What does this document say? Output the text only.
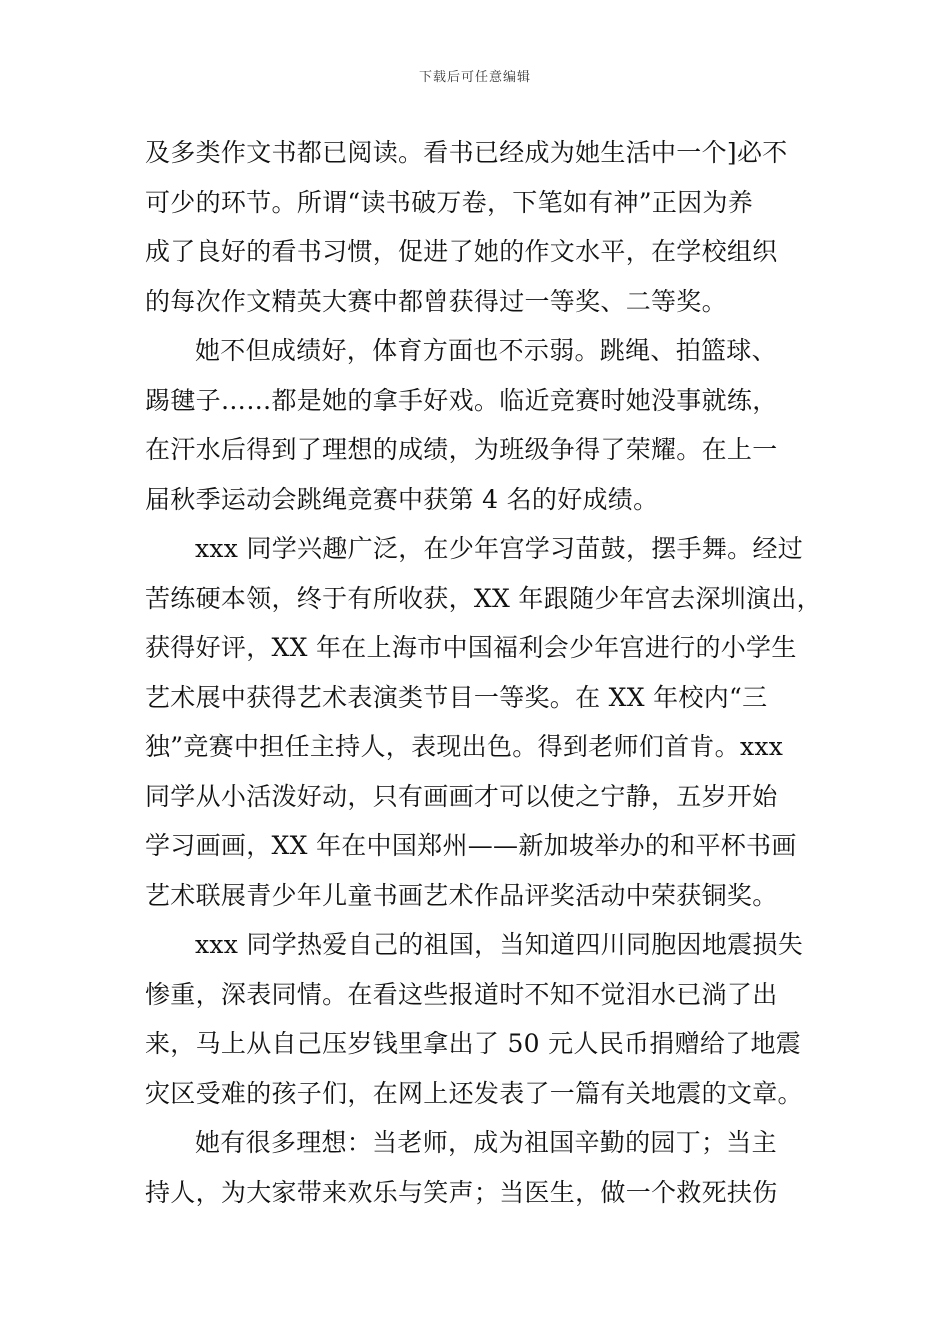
下载后可任意编辑
及多类作文书都已阅读。看书已经成为她生活中一个]必不
可少的环节。所谓“读书破万卷，下笔如有神”正因为养
成了良好的看书习惯，促进了她的作文水平，在学校组织
的每次作文精英大赛中都曾获得过一等奖、二等奖。
她不但成绩好，体育方面也不示弱。跳绳、拍篮球、
踢毽子……都是她的拿手好戏。临近竞赛时她没事就练，
在汗水后得到了理想的成绩，为班级争得了荣耀。在上一
届秋季运动会跳绳竞赛中获第 4 名的好成绩。
xxx 同学兴趣广泛，在少年宫学习苗鼓，摆手舞。经过
苦练硬本领，终于有所收获，XX 年跟随少年宫去深圳演出，
获得好评，XX 年在上海市中国福利会少年宫进行的小学生
艺术展中获得艺术表演类节目一等奖。在 XX 年校内“三
独”竞赛中担任主持人，表现出色。得到老师们首肯。xxx
同学从小活泼好动，只有画画才可以使之宁静，五岁开始
学习画画，XX 年在中国郑州——新加坡举办的和平杯书画
艺术联展青少年儿童书画艺术作品评奖活动中荣获铜奖。
xxx 同学热爱自己的祖国，当知道四川同胞因地震损失
惨重，深表同情。在看这些报道时不知不觉泪水已淌了出
来，马上从自己压岁钱里拿出了 50 元人民币捐赠给了地震
灾区受难的孩子们，在网上还发表了一篇有关地震的文章。
她有很多理想：当老师，成为祖国辛勤的园丁；当主
持人，为大家带来欢乐与笑声；当医生，做一个救死扶伤
